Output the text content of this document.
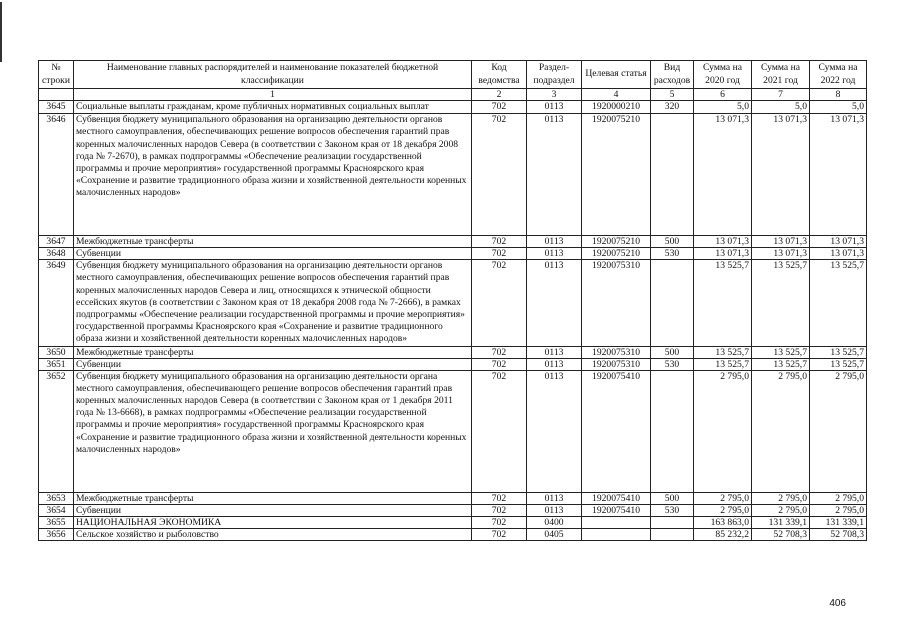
№ строки	Наименование главных распорядителей и наименование показателей бюджетной классификации	Код ведомства	Раздел-подраздел	Целевая статья	Вид расходов	Сумма на 2020 год	Сумма на 2021 год	Сумма на 2022 год
	1	2	3	4	5	6	7	8
3645	Социальные выплаты гражданам, кроме публичных нормативных социальных выплат	702	0113	1920000210	320	5,0	5,0	5,0
3646	Субвенция бюджету муниципального образования на организацию деятельности органов местного самоуправления, обеспечивающих решение вопросов обеспечения гарантий прав коренных малочисленных народов Севера (в соответствии с Законом края от 18 декабря 2008 года № 7-2670), в рамках подпрограммы «Обеспечение реализации государственной программы и прочие мероприятия» государственной программы Красноярского края «Сохранение и развитие традиционного образа жизни и хозяйственной деятельности коренных малочисленных народов»	702	0113	1920075210		13 071,3	13 071,3	13 071,3
3647	Межбюджетные трансферты	702	0113	1920075210	500	13 071,3	13 071,3	13 071,3
3648	Субвенции	702	0113	1920075210	530	13 071,3	13 071,3	13 071,3
3649	Субвенция бюджету муниципального образования на организацию деятельности органов местного самоуправления, обеспечивающих решение вопросов обеспечения гарантий прав коренных малочисленных народов Севера и лиц, относящихся к этнической общности ессейских якутов (в соответствии с Законом края от 18 декабря 2008 года № 7-2666), в рамках подпрограммы «Обеспечение реализации государственной программы и прочие мероприятия» государственной программы Красноярского края «Сохранение и развитие традиционного образа жизни и хозяйственной деятельности коренных малочисленных народов»	702	0113	1920075310		13 525,7	13 525,7	13 525,7
3650	Межбюджетные трансферты	702	0113	1920075310	500	13 525,7	13 525,7	13 525,7
3651	Субвенции	702	0113	1920075310	530	13 525,7	13 525,7	13 525,7
3652	Субвенция бюджету муниципального образования на организацию деятельности органа местного самоуправления, обеспечивающего решение вопросов обеспечения гарантий прав коренных малочисленных народов Севера (в соответствии с Законом края от 1 декабря 2011 года № 13-6668), в рамках подпрограммы «Обеспечение реализации государственной программы и прочие мероприятия» государственной программы Красноярского края «Сохранение и развитие традиционного образа жизни и хозяйственной деятельности коренных малочисленных народов»	702	0113	1920075410		2 795,0	2 795,0	2 795,0
3653	Межбюджетные трансферты	702	0113	1920075410	500	2 795,0	2 795,0	2 795,0
3654	Субвенции	702	0113	1920075410	530	2 795,0	2 795,0	2 795,0
3655	НАЦИОНАЛЬНАЯ ЭКОНОМИКА	702	0400			163 863,0	131 339,1	131 339,1
3656	Сельское хозяйство и рыболовство	702	0405			85 232,2	52 708,3	52 708,3
406
